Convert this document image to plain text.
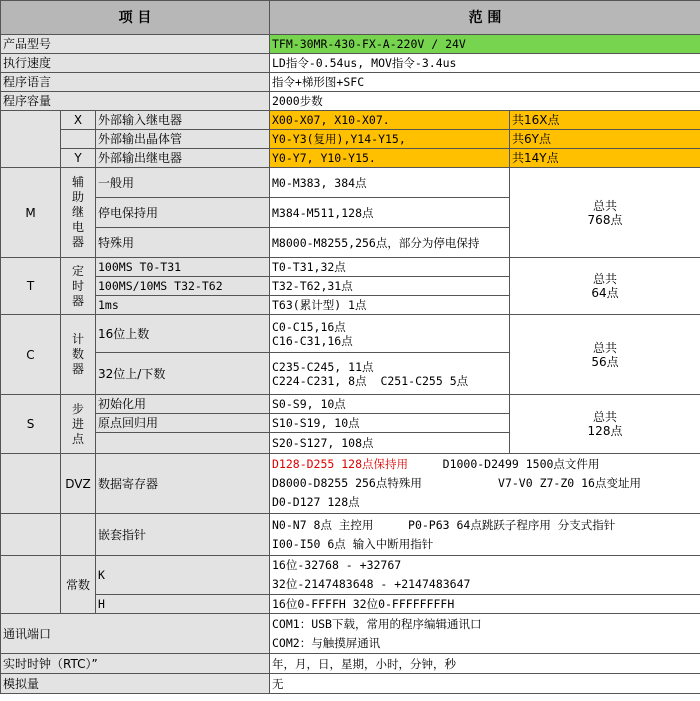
项 目			范 围	
产品型号			TFM-30MR-430-FX-A-220V / 24V	
执行速度			LD指令-0.54us, MOV指令-3.4us	
程序语言			指令+梯形图+SFC	
程序容量			2000步数	
	X	外部输入继电器	X00-X07, X10-X07.	共16X点
		外部输出晶体管	Y0-Y3(复用),Y14-Y15,	共6Y点
	Y	外部输出继电器	Y0-Y7, Y10-Y15.	共14Y点
M	辅助继电器	一般用	M0-M383, 384点	总共
768点

		停电保持用	M384-M511,128点	
		特殊用	M8000-M8255,256点，部分为停电保持	
T	定时器	100MS T0-T31	T0-T31,32点	总共
64点

		100MS/10MS T32-T62	T32-T62,31点	
		1ms	T63(累计型) 1点	
C	计数器	16位上数	C0-C15,16点
C16-C31,16点	总共
56点

		32位上/下数	C235-C245, 11点
C224-C231, 8点 C251-C255 5点	

S	步进点	初始化用	S0-S9, 10点	总共
128点

		原点回归用	S10-S19, 10点	
			S20-S127, 108点	
	DVZ	数据寄存器	D128-D255 128点保持用 D1000-D2499 1500点文件用
D8000-D8255 256点特殊用 V7-V0 Z7-Z0 16点变址用
D0-D127 128点	

		嵌套指针	N0-N7 8点 主控用 P0-P63 64点跳跃子程序用 分支式指针
I00-I50 6点 输入中断用指针	

	常数	K	16位-32768 - +32767
32位-2147483648 - +2147483647	

		H	16位0-FFFFH 32位0-FFFFFFFFH	
通讯端口			COM1：USB下载，常用的程序编辑通讯口
COM2：与触摸屏通讯	

实时时钟（RTC）”			年，月，日，星期，小时，分钟，秒	
模拟量			无	
